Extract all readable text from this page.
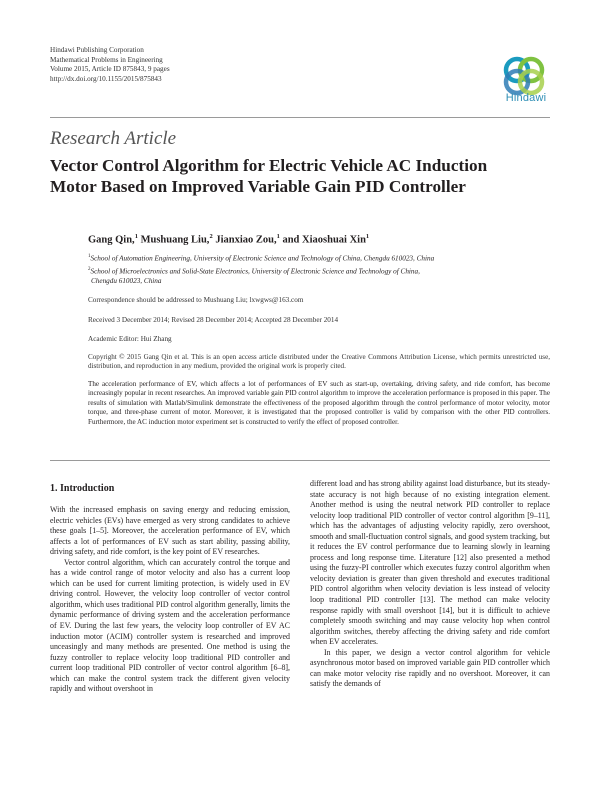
Hindawi Publishing Corporation
Mathematical Problems in Engineering
Volume 2015, Article ID 875843, 9 pages
http://dx.doi.org/10.1155/2015/875843
Hindawi
Research Article
Vector Control Algorithm for Electric Vehicle AC Induction
Motor Based on Improved Variable Gain PID Controller
Gang Qin,$^1$ Mushuang Liu,$^2$ Jianxiao Zou,$^1$ and Xiaoshuai Xin$^1$
$^1$School of Automation Engineering, University of Electronic Science and Technology of China, Chengdu 610023, China
$^2$School of Microelectronics and Solid-State Electronics, University of Electronic Science and Technology of China,
Chengdu 610023, China
Correspondence should be addressed to Mushuang Liu; lxwgws@163.com
Received 3 December 2014; Revised 28 December 2014; Accepted 28 December 2014
Academic Editor: Hui Zhang
Copyright © 2015 Gang Qin et al. This is an open access article distributed under the Creative Commons Attribution License, which permits unrestricted use, distribution, and reproduction in any medium, provided the original work is properly cited.
The acceleration performance of EV, which affects a lot of performances of EV such as start-up, overtaking, driving safety, and ride comfort, has become increasingly popular in recent researches. An improved variable gain PID control algorithm to improve the acceleration performance is proposed in this paper. The results of simulation with Matlab/Simulink demonstrate the effectiveness of the proposed algorithm through the control performance of motor velocity, motor torque, and three-phase current of motor. Moreover, it is investigated that the proposed controller is valid by comparison with the other PID controllers. Furthermore, the AC induction motor experiment set is constructed to verify the effect of proposed controller.
1. Introduction

With the increased emphasis on saving energy and reducing emission, electric vehicles (EVs) have emerged as very strong candidates to achieve these goals [1–5]. Moreover, the acceleration performance of EV, which affects a lot of performances of EV such as start ability, passing ability, driving safety, and ride comfort, is the key point of EV researches.

Vector control algorithm, which can accurately control the torque and has a wide control range of motor velocity and also has a current loop which can be used for current limiting protection, is widely used in EV driving control. However, the velocity loop controller of vector control algorithm, which uses traditional PID control algorithm generally, limits the dynamic performance of driving system and the acceleration performance of EV. During the last few years, the velocity loop controller of EV AC induction motor (ACIM) controller system is researched and improved unceasingly and many methods are presented. One method is using the fuzzy controller to replace velocity loop traditional PID controller and current loop traditional PID controller of vector control algorithm [6–8], which can make the control system track the different given velocity rapidly and without overshoot in

different load and has strong ability against load disturbance, but its steady-state accuracy is not high because of no existing integration element. Another method is using the neutral network PID controller to replace velocity loop traditional PID controller of vector control algorithm [9–11], which has the advantages of adjusting velocity rapidly, zero overshoot, smooth and small-fluctuation control signals, and good system tracking, but it reduces the EV control performance due to learning slowly in learning process and long response time. Literature [12] also presented a method using the fuzzy-PI controller which executes fuzzy control algorithm when velocity deviation is greater than given threshold and executes traditional PID control algorithm when velocity deviation is less instead of velocity loop traditional PID controller [13]. The method can make velocity response rapidly with small overshoot [14], but it is difficult to achieve completely smooth switching and may cause velocity hop when control algorithm switches, thereby affecting the driving safety and ride comfort when EV accelerates.

In this paper, we design a vector control algorithm for vehicle asynchronous motor based on improved variable gain PID controller which can make motor velocity rise rapidly and no overshoot. Moreover, it can satisfy the demands of
